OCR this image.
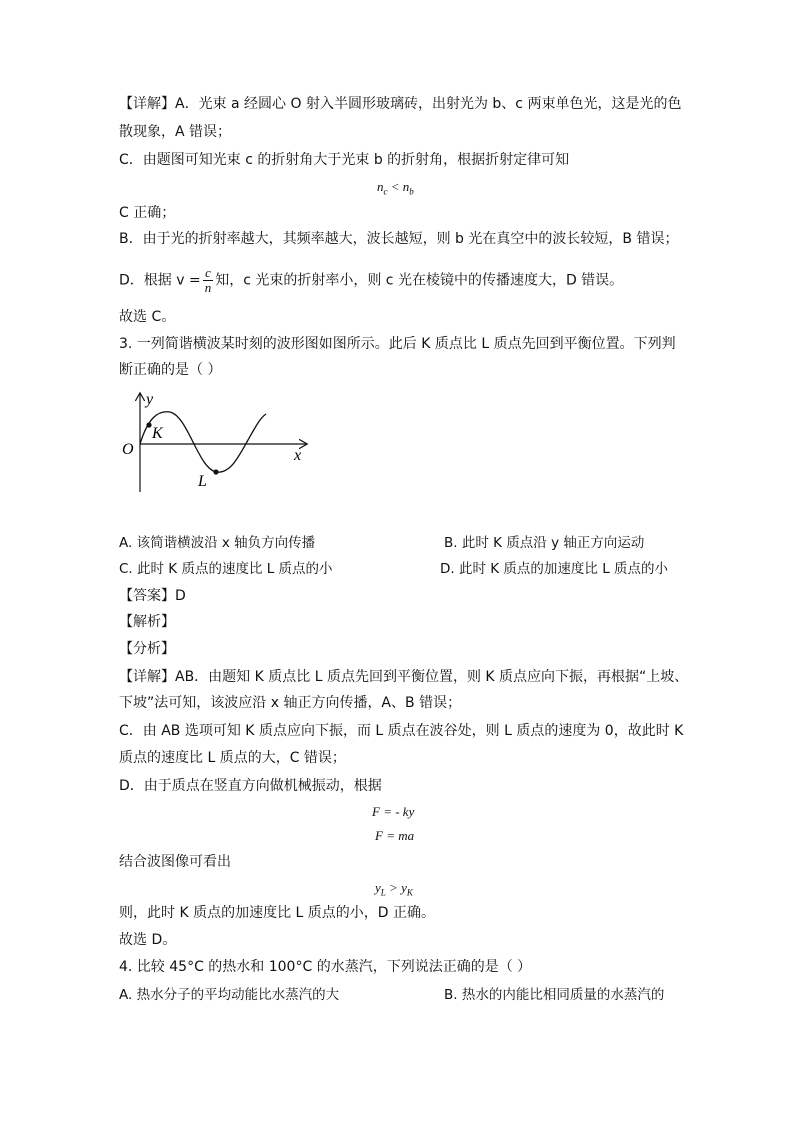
【详解】A．光束 a 经圆心 O 射入半圆形玻璃砖，出射光为 b、c 两束单色光，这是光的色
散现象，A 错误；
C．由题图可知光束 c 的折射角大于光束 b 的折射角，根据折射定律可知
$n_c < n_b$
C 正确；
B．由于光的折射率越大，其频率越大，波长越短，则 b 光在真空中的波长较短，B 错误；
D．根据 $v = \frac{c}{n}$ 知，c 光束的折射率小，则 c 光在棱镜中的传播速度大，D 错误。
故选 C。
3. 一列简谐横波某时刻的波形图如图所示。此后 K 质点比 L 质点先回到平衡位置。下列判
断正确的是（ ）
y
x
O
K
L
A. 该简谐横波沿 x 轴负方向传播	B. 此时 K 质点沿 y 轴正方向运动
C. 此时 K 质点的速度比 L 质点的小	D. 此时 K 质点的加速度比 L 质点的小
【答案】D
【解析】
【分析】
【详解】AB．由题知 K 质点比 L 质点先回到平衡位置，则 K 质点应向下振，再根据“上坡、
下坡”法可知，该波应沿 x 轴正方向传播，A、B 错误；
C．由 AB 选项可知 K 质点应向下振，而 L 质点在波谷处，则 L 质点的速度为 0，故此时 K
质点的速度比 L 质点的大，C 错误；
D．由于质点在竖直方向做机械振动，根据
F = - ky
F = ma
结合波图像可看出
$y_L > y_K$
则，此时 K 质点的加速度比 L 质点的小，D 正确。
故选 D。
4. 比较 45°C 的热水和 100°C 的水蒸汽，下列说法正确的是（ ）
A. 热水分子的平均动能比水蒸汽的大	B. 热水的内能比相同质量的水蒸汽的
